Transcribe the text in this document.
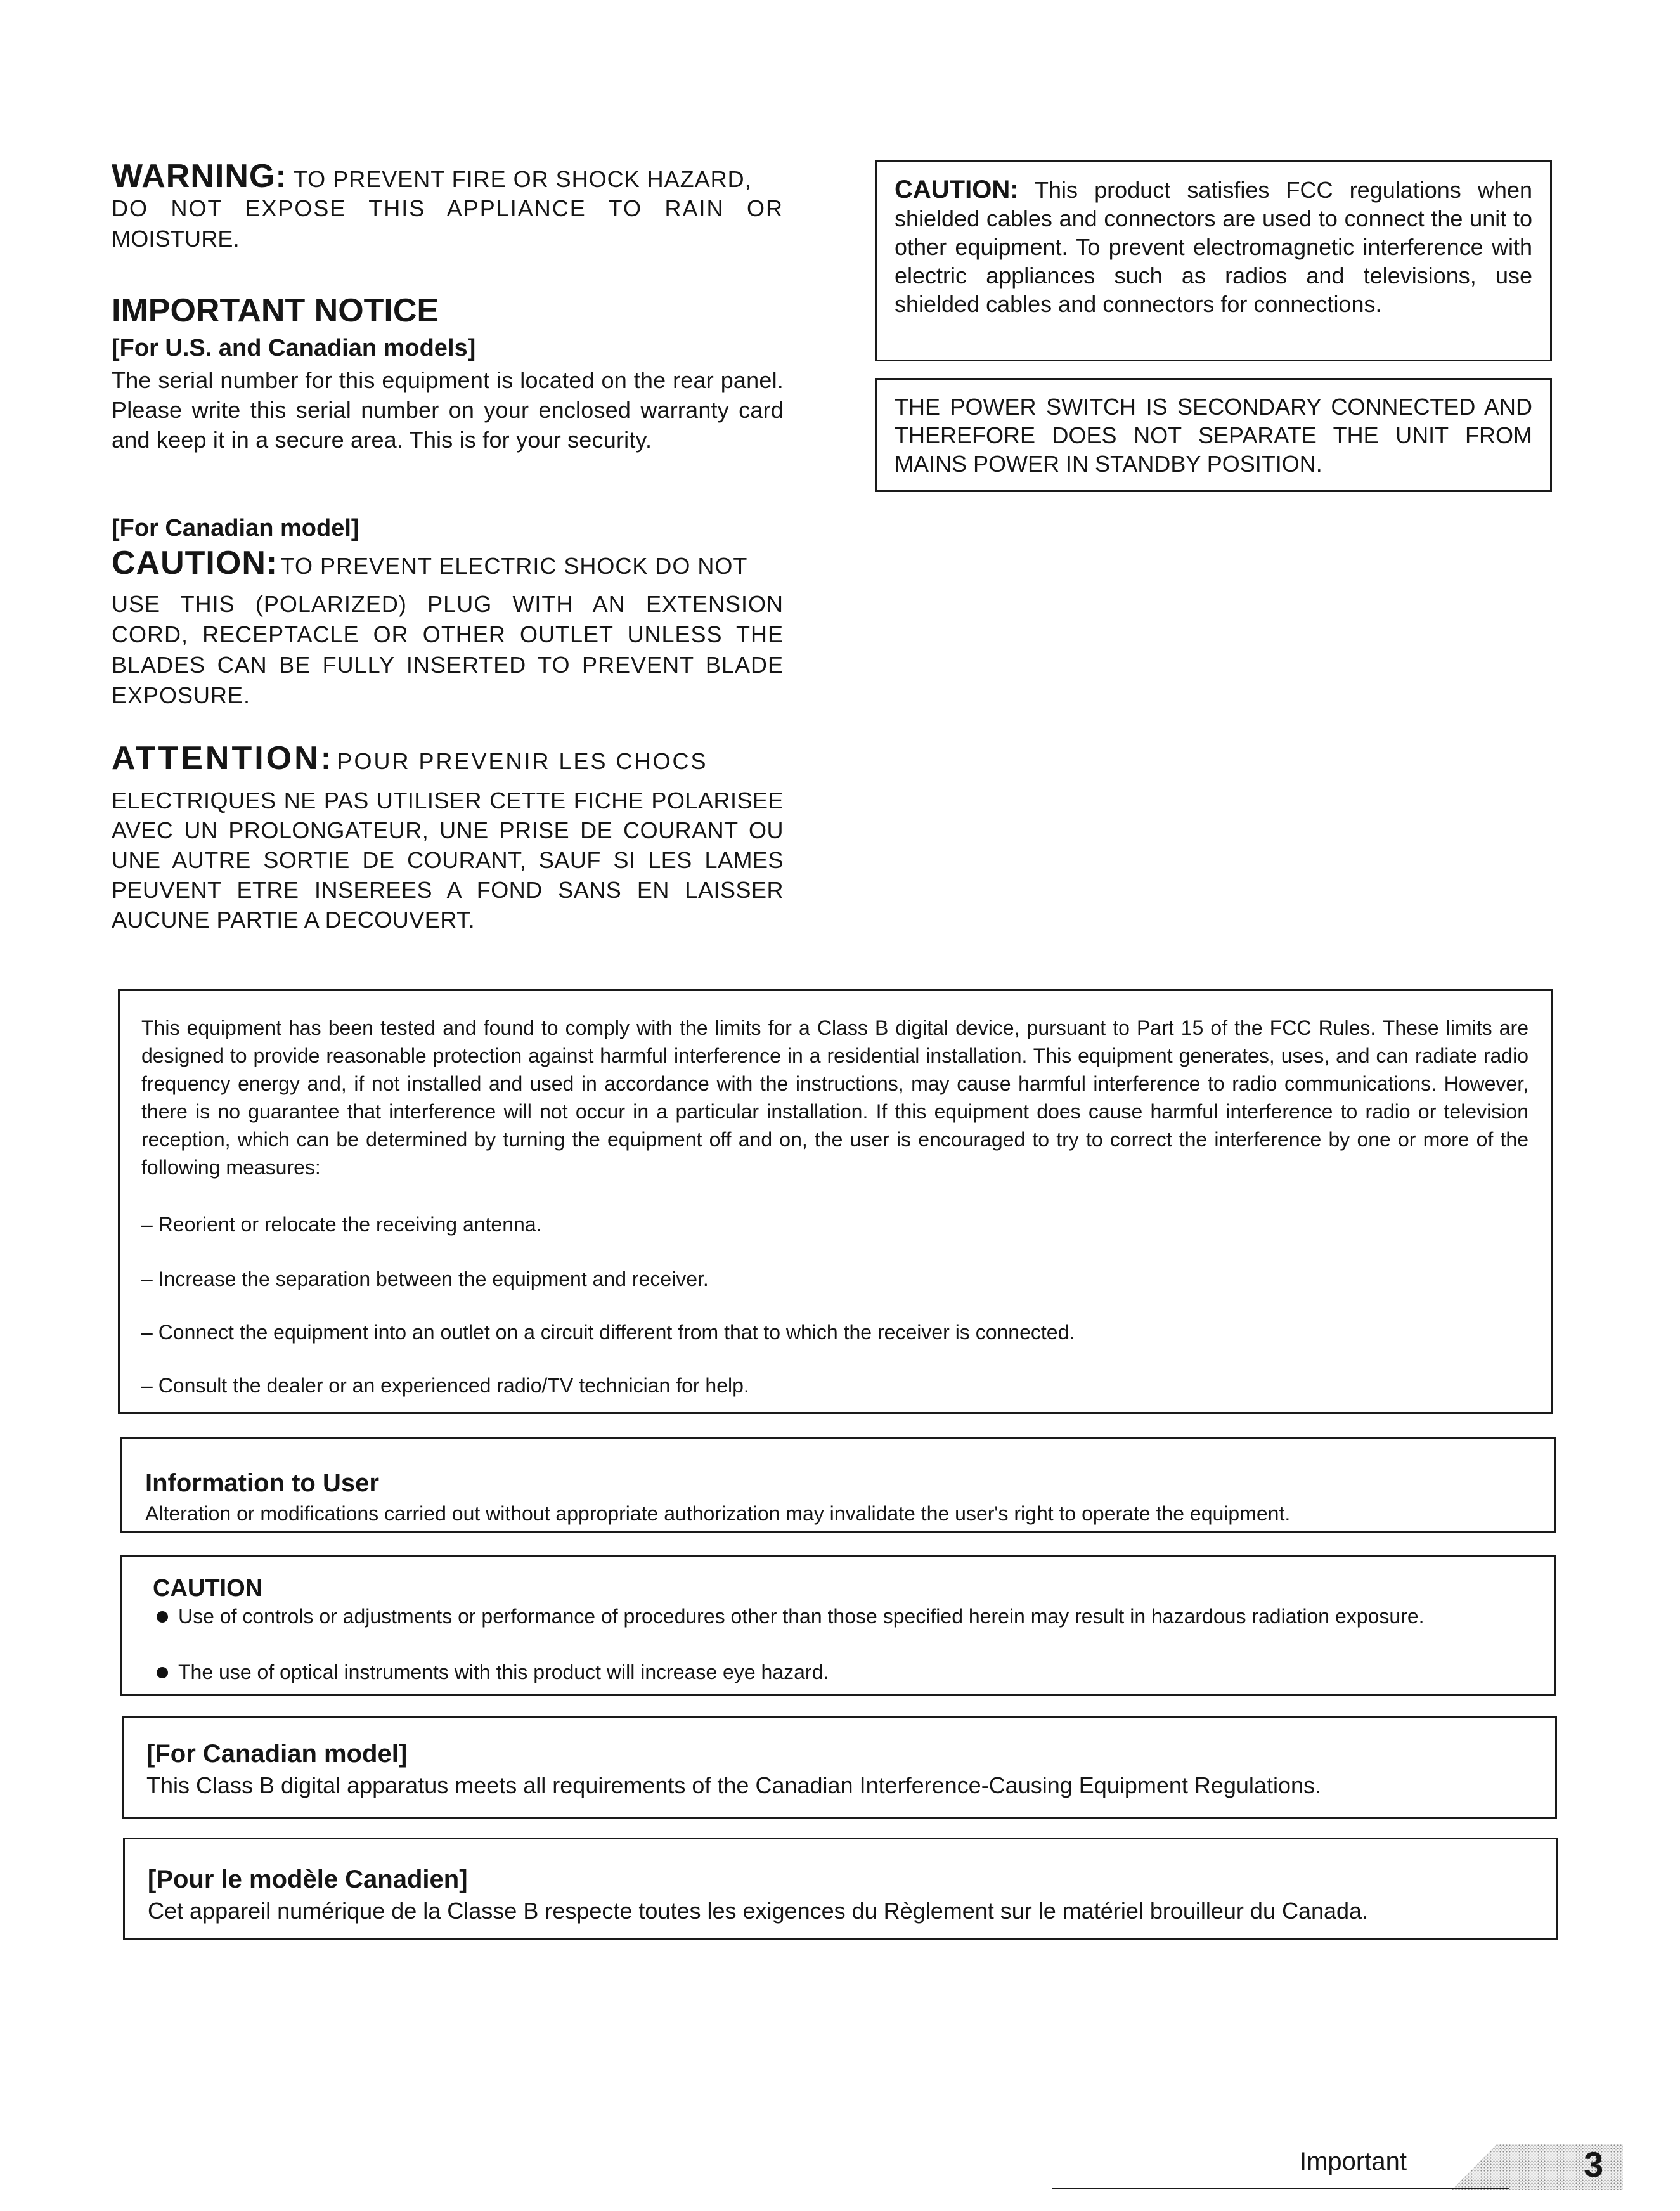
WARNING: TO PREVENT FIRE OR SHOCK HAZARD,
DO NOT EXPOSE THIS APPLIANCE TO RAIN OR
MOISTURE.
IMPORTANT NOTICE
[For U.S. and Canadian models]
The serial number for this equipment is located on the rear panel. Please write this serial number on your enclosed warranty card and keep it in a secure area. This is for your security.
[For Canadian model]
CAUTION: TO PREVENT ELECTRIC SHOCK DO NOT
USE THIS (POLARIZED) PLUG WITH AN EXTENSION CORD, RECEPTACLE OR OTHER OUTLET UNLESS THE BLADES CAN BE FULLY INSERTED TO PREVENT BLADE EXPOSURE.
ATTENTION: POUR PREVENIR LES CHOCS
ELECTRIQUES NE PAS UTILISER CETTE FICHE POLARISEE AVEC UN PROLONGATEUR, UNE PRISE DE COURANT OU UNE AUTRE SORTIE DE COURANT, SAUF SI LES LAMES PEUVENT ETRE INSEREES A FOND SANS EN LAISSER AUCUNE PARTIE A DECOUVERT.
CAUTION: This product satisfies FCC regulations when shielded cables and connectors are used to connect the unit to other equipment. To prevent electromagnetic interference with electric appliances such as radios and televisions, use shielded cables and connectors for connections.
THE POWER SWITCH IS SECONDARY CONNECTED AND THEREFORE DOES NOT SEPARATE THE UNIT FROM MAINS POWER IN STANDBY POSITION.
This equipment has been tested and found to comply with the limits for a Class B digital device, pursuant to Part 15 of the FCC Rules. These limits are designed to provide reasonable protection against harmful interference in a residential installation. This equipment generates, uses, and can radiate radio frequency energy and, if not installed and used in accordance with the instructions, may cause harmful interference to radio communications. However, there is no guarantee that interference will not occur in a particular installation. If this equipment does cause harmful interference to radio or television reception, which can be determined by turning the equipment off and on, the user is encouraged to try to correct the interference by one or more of the following measures:
– Reorient or relocate the receiving antenna.
– Increase the separation between the equipment and receiver.
– Connect the equipment into an outlet on a circuit different from that to which the receiver is connected.
– Consult the dealer or an experienced radio/TV technician for help.
Information to User
Alteration or modifications carried out without appropriate authorization may invalidate the user's right to operate the equipment.
CAUTION
Use of controls or adjustments or performance of procedures other than those specified herein may result in hazardous radiation exposure.
The use of optical instruments with this product will increase eye hazard.
[For Canadian model]
This Class B digital apparatus meets all requirements of the Canadian Interference-Causing Equipment Regulations.
[Pour le modèle Canadien]
Cet appareil numérique de la Classe B respecte toutes les exigences du Règlement sur le matériel brouilleur du Canada.
Important	3
